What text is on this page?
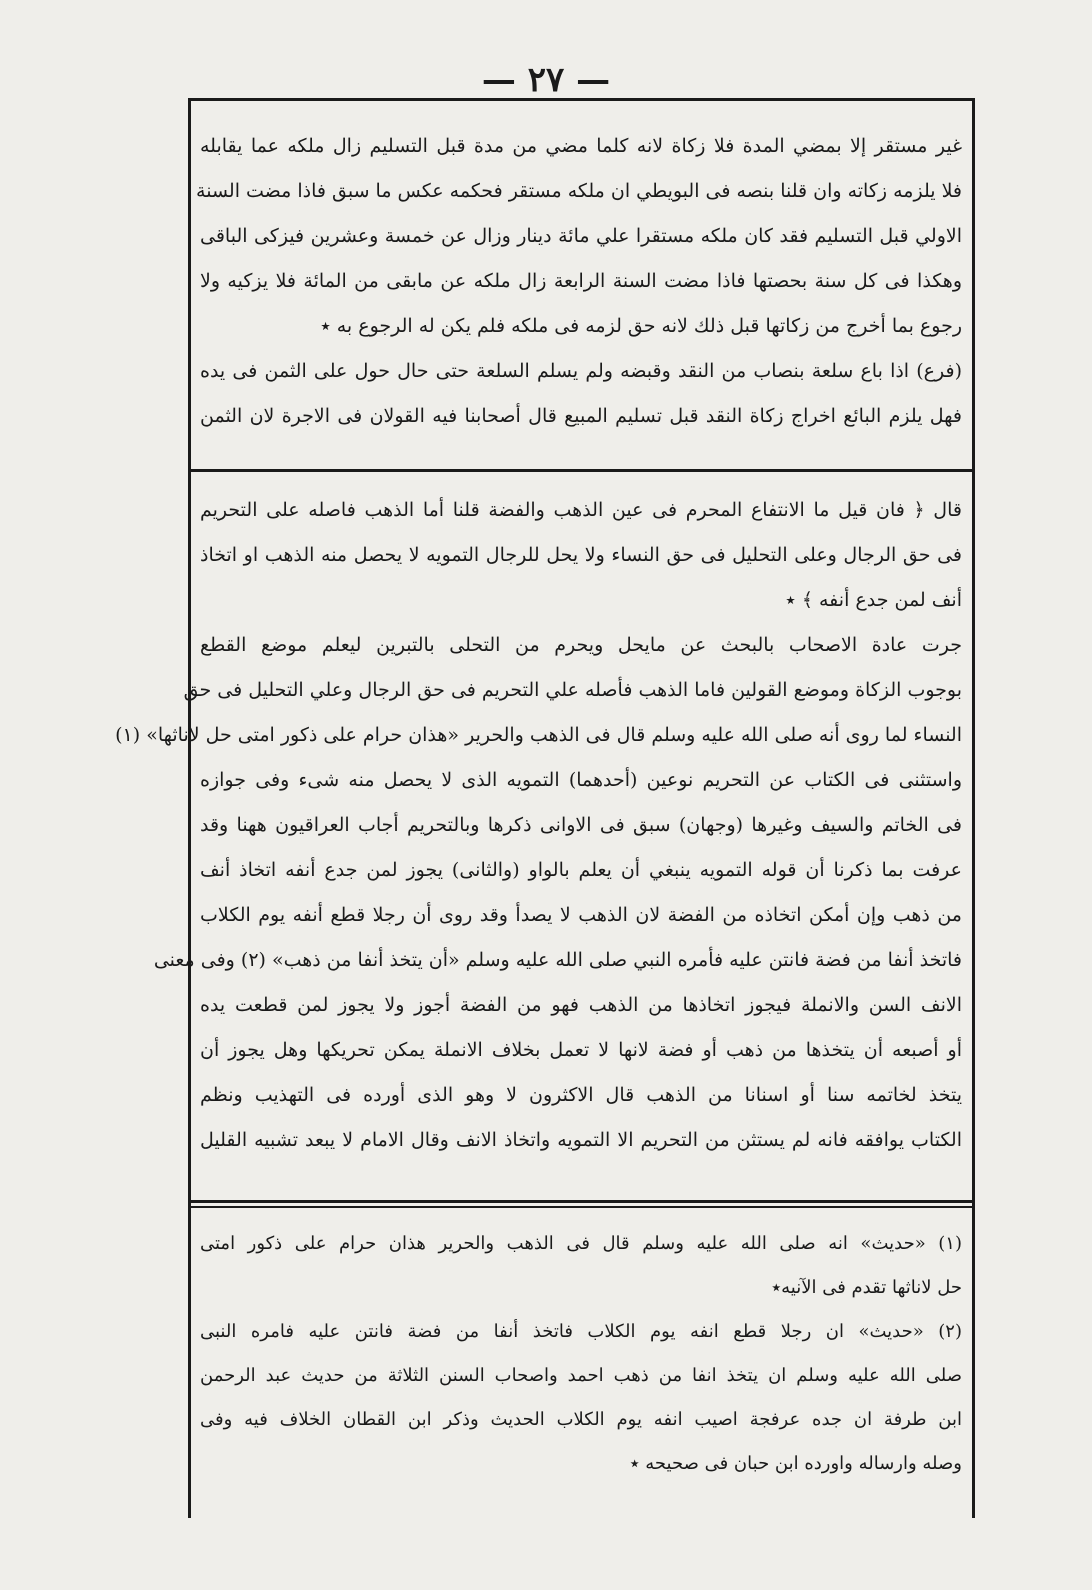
— ٢٧ —
غير مستقر إلا بمضي المدة فلا زكاة لانه كلما مضي من مدة قبل التسليم زال ملكه عما يقابله
فلا يلزمه زكاته وان قلنا بنصه فى البويطي ان ملكه مستقر فحكمه عكس ما سبق فاذا مضت السنة
الاولي قبل التسليم فقد كان ملكه مستقرا علي مائة دينار وزال عن خمسة وعشرين فيزكى الباقى
وهكذا فى كل سنة بحصتها فاذا مضت السنة الرابعة زال ملكه عن مابقى من المائة فلا يزكيه ولا
رجوع بما أخرج من زكاتها قبل ذلك لانه حق لزمه فى ملكه فلم يكن له الرجوع به ٭
(فرع) اذا باع سلعة بنصاب من النقد وقبضه ولم يسلم السلعة حتى حال حول على الثمن فى يده
فهل يلزم البائع اخراج زكاة النقد قبل تسليم المبيع قال أصحابنا فيه القولان فى الاجرة لان الثمن
قال ﴿ فان قيل ما الانتفاع المحرم فى عين الذهب والفضة قلنا أما الذهب فاصله على التحريم
فى حق الرجال وعلى التحليل فى حق النساء ولا يحل للرجال التمويه لا يحصل منه الذهب او اتخاذ
أنف لمن جدع أنفه ﴾ ٭
جرت عادة الاصحاب بالبحث عن مايحل ويحرم من التحلى بالتبرين ليعلم موضع القطع
بوجوب الزكاة وموضع القولين فاما الذهب فأصله علي التحريم فى حق الرجال وعلي التحليل فى حق
النساء لما روى أنه صلى الله عليه وسلم قال فى الذهب والحرير «هذان حرام على ذكور امتى حل لاناثها» (١)
واستثنى فى الكتاب عن التحريم نوعين (أحدهما) التمويه الذى لا يحصل منه شىء وفى جوازه
فى الخاتم والسيف وغيرها (وجهان) سبق فى الاوانى ذكرها وبالتحريم أجاب العراقيون ههنا وقد
عرفت بما ذكرنا أن قوله التمويه ينبغي أن يعلم بالواو (والثانى) يجوز لمن جدع أنفه اتخاذ أنف
من ذهب وإن أمكن اتخاذه من الفضة لان الذهب لا يصدأ وقد روى أن رجلا قطع أنفه يوم الكلاب
فاتخذ أنفا من فضة فانتن عليه فأمره النبي صلى الله عليه وسلم «أن يتخذ أنفا من ذهب» (٢) وفى معنى
الانف السن والانملة فيجوز اتخاذها من الذهب فهو من الفضة أجوز ولا يجوز لمن قطعت يده
أو أصبعه أن يتخذها من ذهب أو فضة لانها لا تعمل بخلاف الانملة يمكن تحريكها وهل يجوز أن
يتخذ لخاتمه سنا أو اسنانا من الذهب قال الاكثرون لا وهو الذى أورده فى التهذيب ونظم
الكتاب يوافقه فانه لم يستثن من التحريم الا التمويه واتخاذ الانف وقال الامام لا يبعد تشبيه القليل
(١) «حديث» انه صلى الله عليه وسلم قال فى الذهب والحرير هذان حرام على ذكور امتى
حل لاناثها تقدم فى الآنيه٭
(٢) «حديث» ان رجلا قطع انفه يوم الكلاب فاتخذ أنفا من فضة فانتن عليه فامره النبى
صلى الله عليه وسلم ان يتخذ انفا من ذهب احمد واصحاب السنن الثلاثة من حديث عبد الرحمن
ابن طرفة ان جده عرفجة اصيب انفه يوم الكلاب الحديث وذكر ابن القطان الخلاف فيه وفى
وصله وارساله واورده ابن حبان فى صحيحه ٭
